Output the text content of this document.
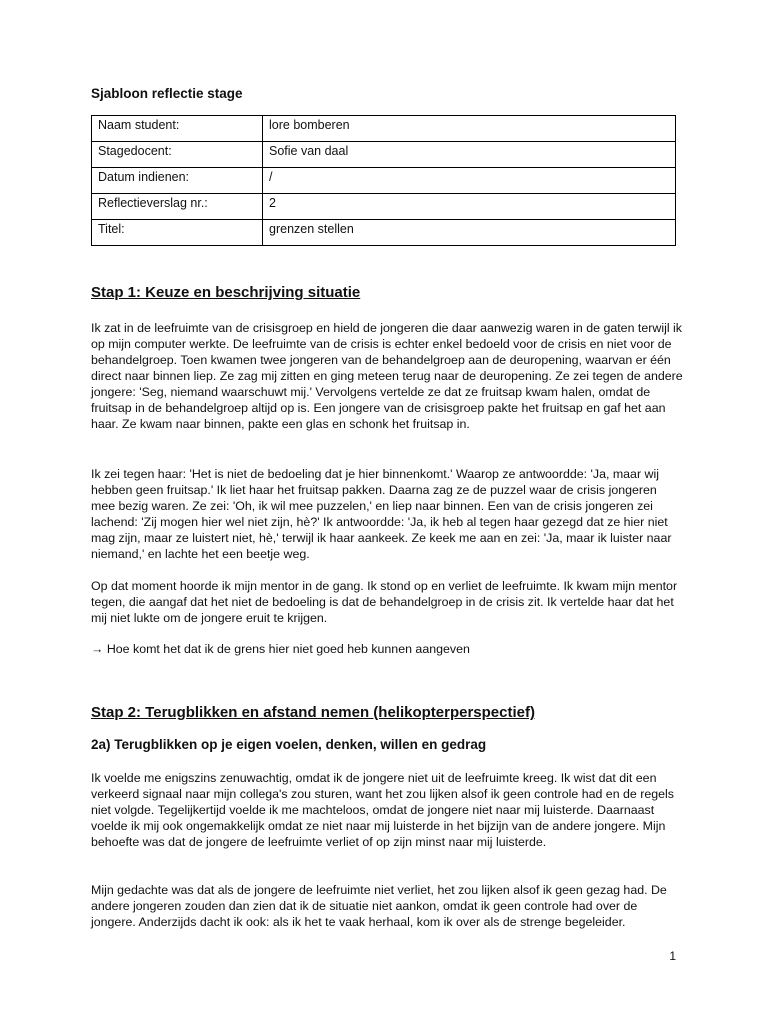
Sjabloon reflectie stage
Naam student:	lore bomberen
Stagedocent:	Sofie van daal
Datum indienen:	/
Reflectieverslag nr.:	2
Titel:	grenzen stellen
Stap 1: Keuze en beschrijving situatie

Ik zat in de leefruimte van de crisisgroep en hield de jongeren die daar aanwezig waren in de gaten terwijl ik op mijn computer werkte. De leefruimte van de crisis is echter enkel bedoeld voor de crisis en niet voor de behandelgroep. Toen kwamen twee jongeren van de behandelgroep aan de deuropening, waarvan er één direct naar binnen liep. Ze zag mij zitten en ging meteen terug naar de deuropening. Ze zei tegen de andere jongere: 'Seg, niemand waarschuwt mij.' Vervolgens vertelde ze dat ze fruitsap kwam halen, omdat de fruitsap in de behandelgroep altijd op is. Een jongere van de crisisgroep pakte het fruitsap en gaf het aan haar. Ze kwam naar binnen, pakte een glas en schonk het fruitsap in.

Ik zei tegen haar: 'Het is niet de bedoeling dat je hier binnenkomt.' Waarop ze antwoordde: 'Ja, maar wij hebben geen fruitsap.' Ik liet haar het fruitsap pakken. Daarna zag ze de puzzel waar de crisis jongeren mee bezig waren. Ze zei: 'Oh, ik wil mee puzzelen,' en liep naar binnen. Een van de crisis jongeren zei lachend: 'Zij mogen hier wel niet zijn, hè?' Ik antwoordde: 'Ja, ik heb al tegen haar gezegd dat ze hier niet mag zijn, maar ze luistert niet, hè,' terwijl ik haar aankeek. Ze keek me aan en zei: 'Ja, maar ik luister naar niemand,' en lachte het een beetje weg.

Op dat moment hoorde ik mijn mentor in de gang. Ik stond op en verliet de leefruimte. Ik kwam mijn mentor tegen, die aangaf dat het niet de bedoeling is dat de behandelgroep in de crisis zit. Ik vertelde haar dat het mij niet lukte om de jongere eruit te krijgen.

→ Hoe komt het dat ik de grens hier niet goed heb kunnen aangeven

Stap 2: Terugblikken en afstand nemen (helikopterperspectief)
2a) Terugblikken op je eigen voelen, denken, willen en gedrag

Ik voelde me enigszins zenuwachtig, omdat ik de jongere niet uit de leefruimte kreeg. Ik wist dat dit een verkeerd signaal naar mijn collega's zou sturen, want het zou lijken alsof ik geen controle had en de regels niet volgde. Tegelijkertijd voelde ik me machteloos, omdat de jongere niet naar mij luisterde. Daarnaast voelde ik mij ook ongemakkelijk omdat ze niet naar mij luisterde in het bijzijn van de andere jongere. Mijn behoefte was dat de jongere de leefruimte verliet of op zijn minst naar mij luisterde.

Mijn gedachte was dat als de jongere de leefruimte niet verliet, het zou lijken alsof ik geen gezag had. De andere jongeren zouden dan zien dat ik de situatie niet aankon, omdat ik geen controle had over de jongere. Anderzijds dacht ik ook: als ik het te vaak herhaal, kom ik over als de strenge begeleider.

1
